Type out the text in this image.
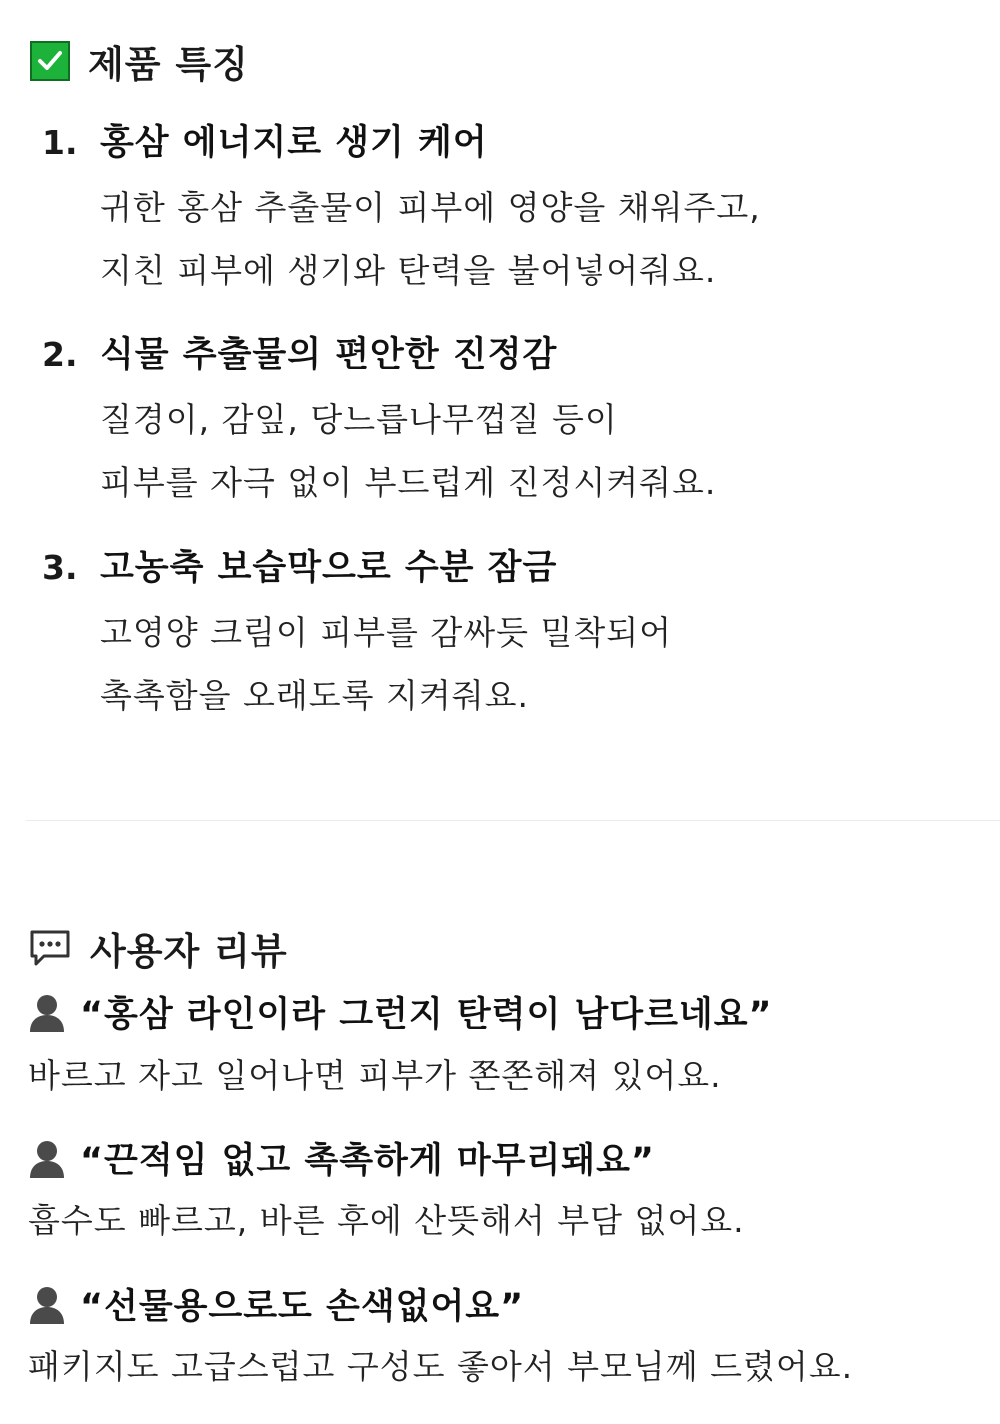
제품 특징
1. 홍삼 에너지로 생기 케어
귀한 홍삼 추출물이 피부에 영양을 채워주고,
지친 피부에 생기와 탄력을 불어넣어줘요.
2. 식물 추출물의 편안한 진정감
질경이, 감잎, 당느릅나무껍질 등이
피부를 자극 없이 부드럽게 진정시켜줘요.
3. 고농축 보습막으로 수분 잠금
고영양 크림이 피부를 감싸듯 밀착되어
촉촉함을 오래도록 지켜줘요.
사용자 리뷰
“홍삼 라인이라 그런지 탄력이 남다르네요”
바르고 자고 일어나면 피부가 쫀쫀해져 있어요.
“끈적임 없고 촉촉하게 마무리돼요”
흡수도 빠르고, 바른 후에 산뜻해서 부담 없어요.
“선물용으로도 손색없어요”
패키지도 고급스럽고 구성도 좋아서 부모님께 드렸어요.
